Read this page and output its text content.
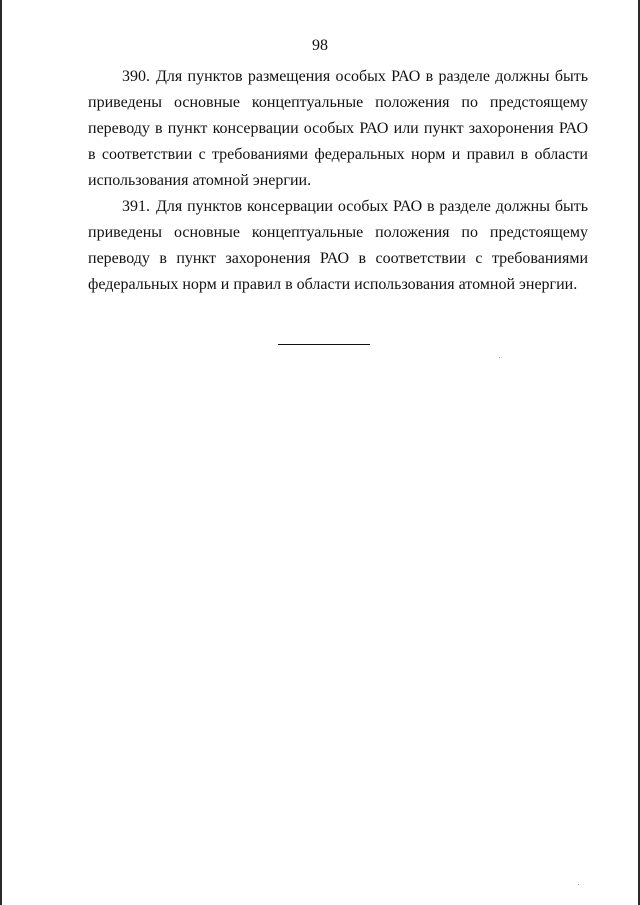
98

390. Для пунктов размещения особых РАО в разделе должны быть приведены основные концептуальные положения по предстоящему переводу в пункт консервации особых РАО или пункт захоронения РАО в соответствии с требованиями федеральных норм и правил в области использования атомной энергии.

391. Для пунктов консервации особых РАО в разделе должны быть приведены основные концептуальные положения по предстоящему переводу в пункт захоронения РАО в соответствии с требованиями федеральных норм и правил в области использования атомной энергии.
